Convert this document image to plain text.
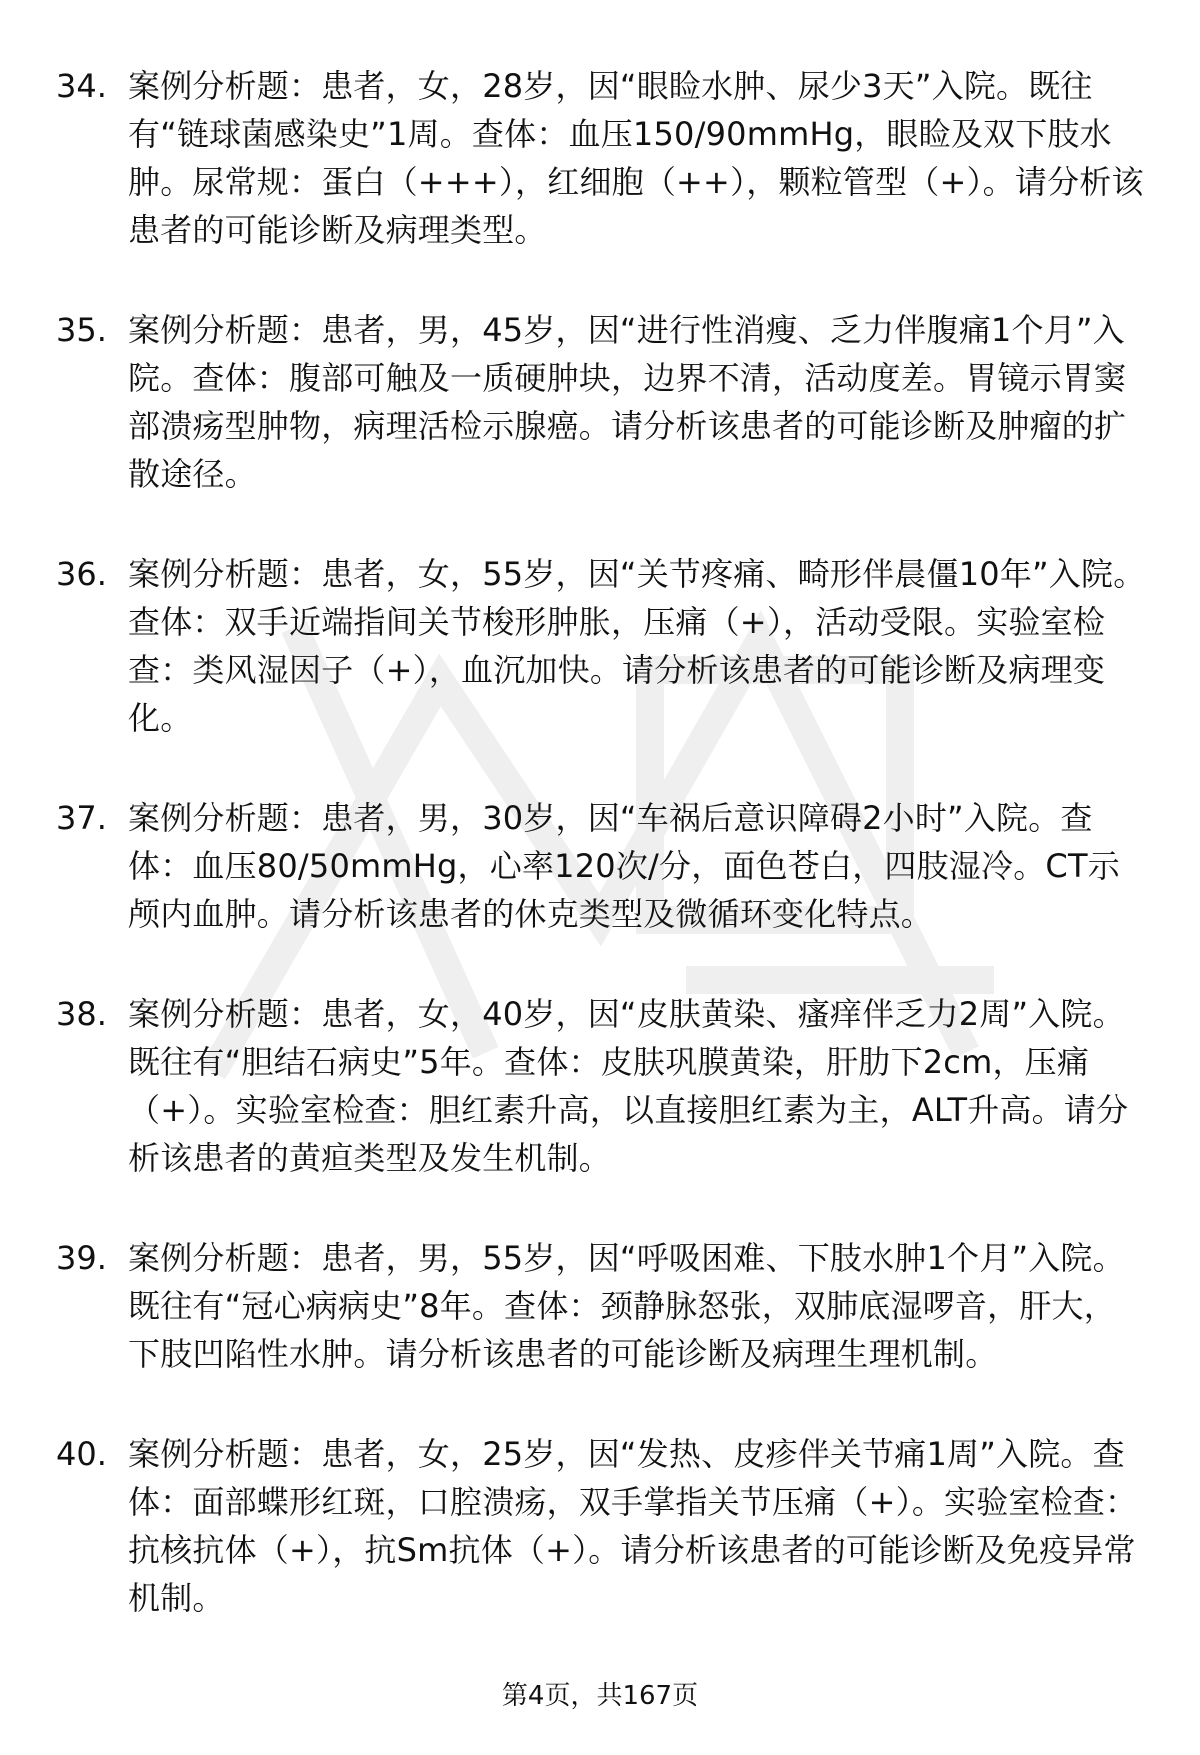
34. 案例分析题：患者，女，28岁，因“眼睑水肿、尿少3天”入院。既往有“链球菌感染史”1周。查体：血压150/90mmHg，眼睑及双下肢水肿。尿常规：蛋白（+++），红细胞（++），颗粒管型（+）。请分析该患者的可能诊断及病理类型。
35. 案例分析题：患者，男，45岁，因“进行性消瘦、乏力伴腹痛1个月”入院。查体：腹部可触及一质硬肿块，边界不清，活动度差。胃镜示胃窦部溃疡型肿物，病理活检示腺癌。请分析该患者的可能诊断及肿瘤的扩散途径。
36. 案例分析题：患者，女，55岁，因“关节疼痛、畸形伴晨僵10年”入院。查体：双手近端指间关节梭形肿胀，压痛（+），活动受限。实验室检查：类风湿因子（+），血沉加快。请分析该患者的可能诊断及病理变化。
37. 案例分析题：患者，男，30岁，因“车祸后意识障碍2小时”入院。查体：血压80/50mmHg，心率120次/分，面色苍白，四肢湿冷。CT示颅内血肿。请分析该患者的休克类型及微循环变化特点。
38. 案例分析题：患者，女，40岁，因“皮肤黄染、瘙痒伴乏力2周”入院。既往有“胆结石病史”5年。查体：皮肤巩膜黄染，肝肋下2cm，压痛（+）。实验室检查：胆红素升高，以直接胆红素为主，ALT升高。请分析该患者的黄疸类型及发生机制。
39. 案例分析题：患者，男，55岁，因“呼吸困难、下肢水肿1个月”入院。既往有“冠心病病史”8年。查体：颈静脉怒张，双肺底湿啰音，肝大，下肢凹陷性水肿。请分析该患者的可能诊断及病理生理机制。
40. 案例分析题：患者，女，25岁，因“发热、皮疹伴关节痛1周”入院。查体：面部蝶形红斑，口腔溃疡，双手掌指关节压痛（+）。实验室检查：抗核抗体（+），抗Sm抗体（+）。请分析该患者的可能诊断及免疫异常机制。
第4页，共167页
